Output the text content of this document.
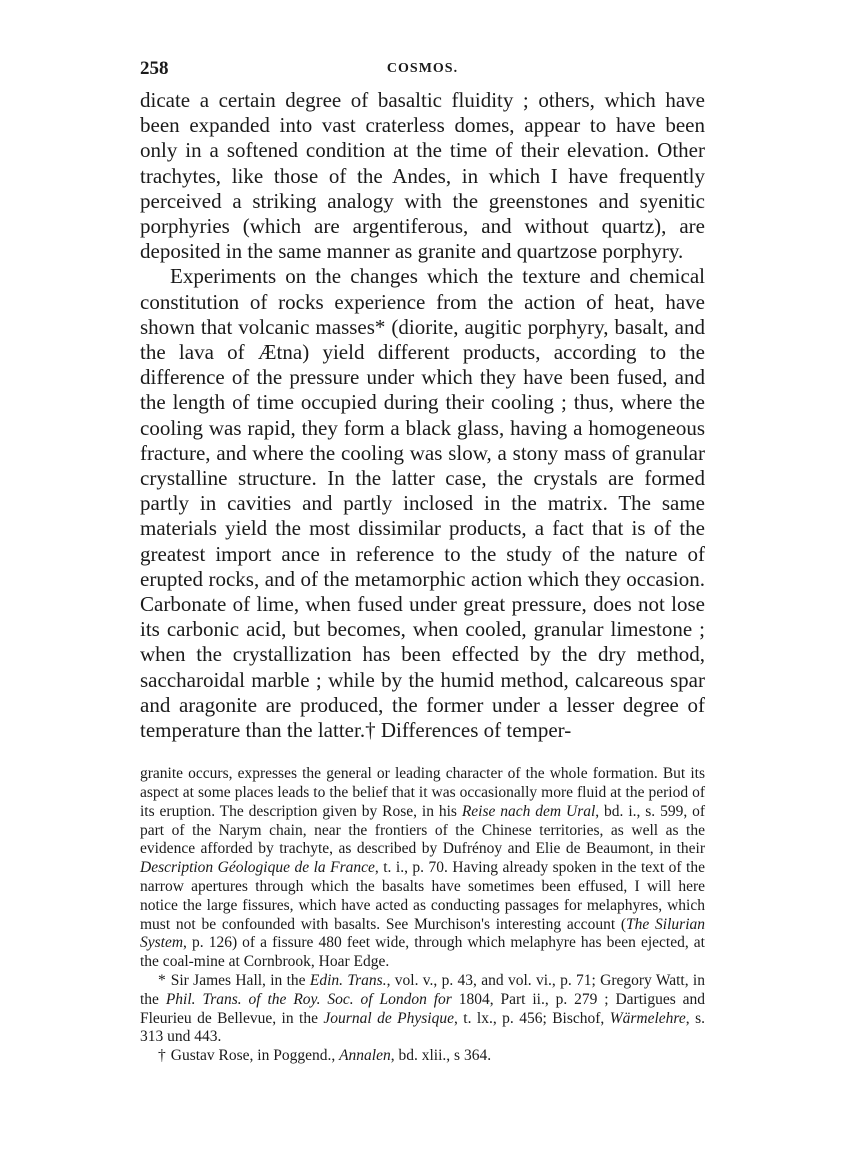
258	COSMOS.

dicate a certain degree of basaltic fluidity ; others, which have been expanded into vast craterless domes, appear to have been only in a softened condition at the time of their elevation. Other trachytes, like those of the Andes, in which I have frequently perceived a striking analogy with the greenstones and syenitic porphyries (which are argentiferous, and without quartz), are deposited in the same manner as granite and quartzose porphyry.

Experiments on the changes which the texture and chemical constitution of rocks experience from the action of heat, have shown that volcanic masses* (diorite, augitic porphyry, basalt, and the lava of Ætna) yield different products, according to the difference of the pressure under which they have been fused, and the length of time occupied during their cooling ; thus, where the cooling was rapid, they form a black glass, having a homogeneous fracture, and where the cooling was slow, a stony mass of granular crystalline structure. In the latter case, the crystals are formed partly in cavities and partly inclosed in the matrix. The same materials yield the most dissimilar products, a fact that is of the greatest import ance in reference to the study of the nature of erupted rocks, and of the metamorphic action which they occasion. Carbonate of lime, when fused under great pressure, does not lose its carbonic acid, but becomes, when cooled, granular limestone ; when the crystallization has been effected by the dry method, saccharoidal marble ; while by the humid method, calcareous spar and aragonite are produced, the former under a lesser degree of temperature than the latter.† Differences of temper-

granite occurs, expresses the general or leading character of the whole formation. But its aspect at some places leads to the belief that it was occasionally more fluid at the period of its eruption. The description given by Rose, in his Reise nach dem Ural, bd. i., s. 599, of part of the Narym chain, near the frontiers of the Chinese territories, as well as the evidence afforded by trachyte, as described by Dufrénoy and Elie de Beaumont, in their Description Géologique de la France, t. i., p. 70. Having already spoken in the text of the narrow apertures through which the basalts have sometimes been effused, I will here notice the large fissures, which have acted as conducting passages for melaphyres, which must not be confounded with basalts. See Murchison's interesting account (The Silurian System, p. 126) of a fissure 480 feet wide, through which melaphyre has been ejected, at the coal-mine at Cornbrook, Hoar Edge.

* Sir James Hall, in the Edin. Trans., vol. v., p. 43, and vol. vi., p. 71; Gregory Watt, in the Phil. Trans. of the Roy. Soc. of London for 1804, Part ii., p. 279 ; Dartigues and Fleurieu de Bellevue, in the Journal de Physique, t. lx., p. 456; Bischof, Wärmelehre, s. 313 und 443.

† Gustav Rose, in Poggend., Annalen, bd. xlii., s 364.
